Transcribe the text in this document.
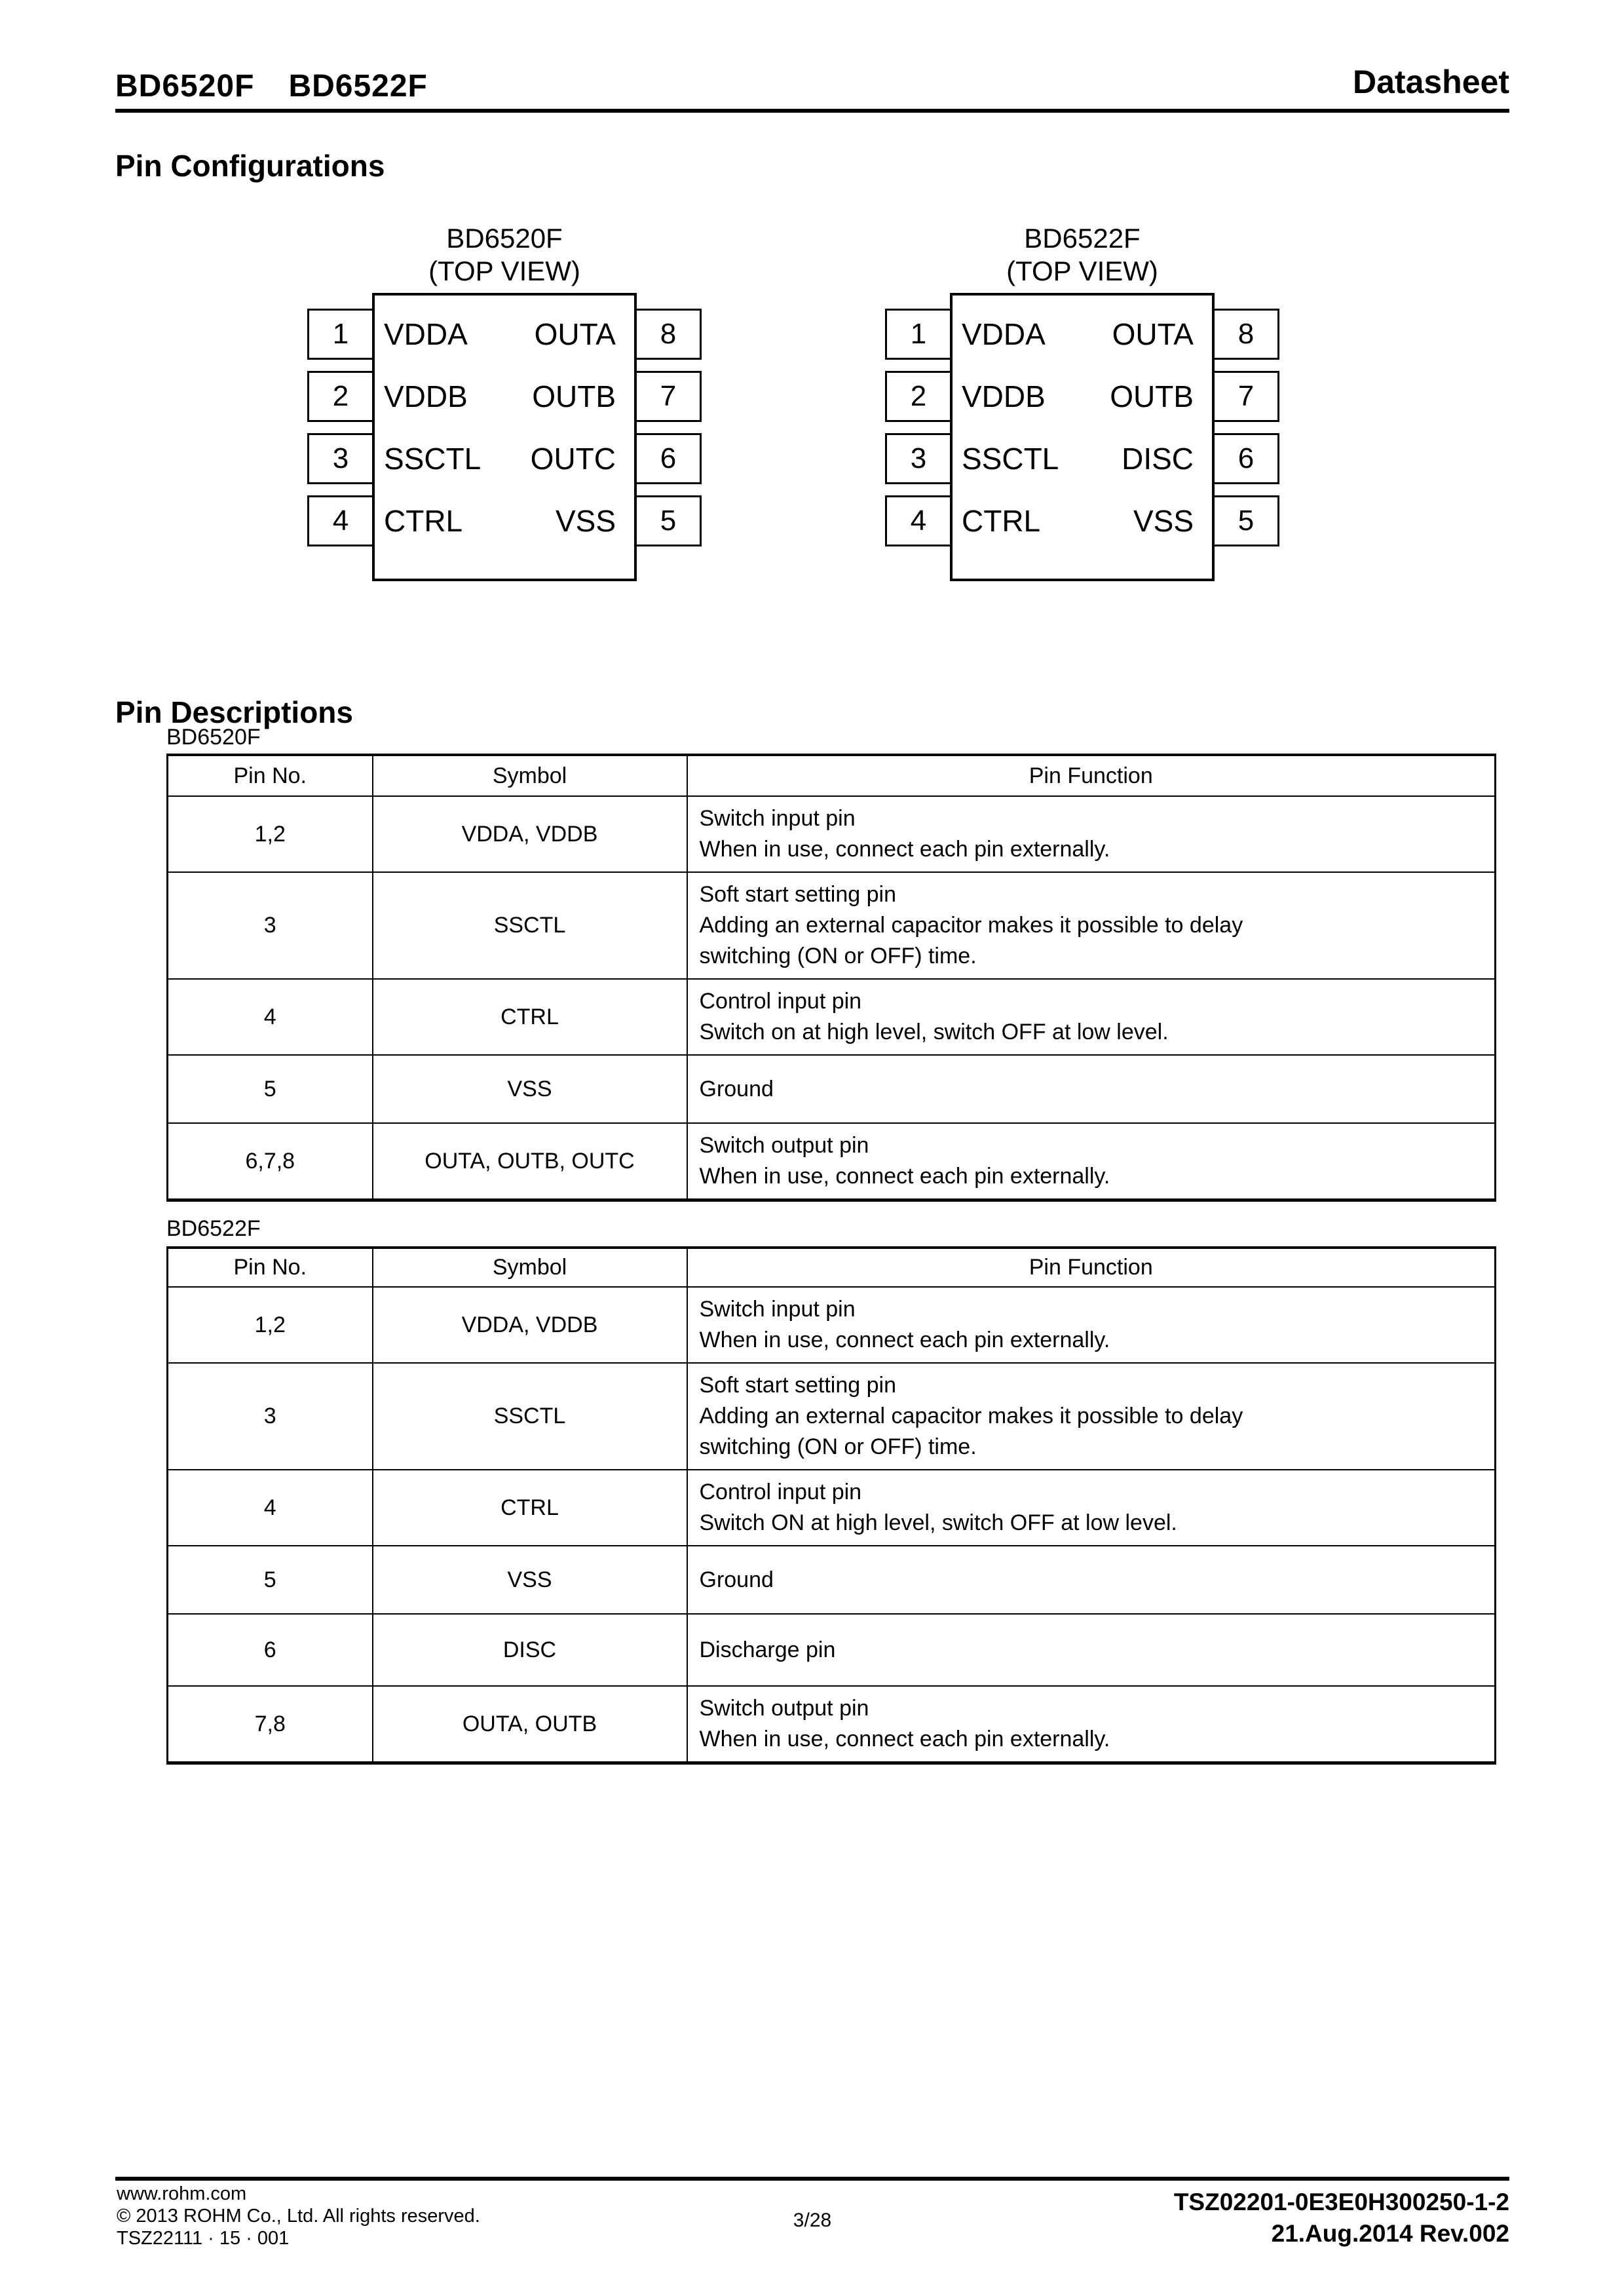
BD6520F BD6522F	Datasheet
Pin Configurations
BD6520F
(TOP VIEW)
1
2
3
4
8
7
6
5
VDDA
VDDB
SSCTL
CTRL
OUTA
OUTB
OUTC
VSS
BD6522F
(TOP VIEW)
1
2
3
4
8
7
6
5
VDDA
VDDB
SSCTL
CTRL
OUTA
OUTB
DISC
VSS
Pin Descriptions
BD6520F
Pin No.	Symbol	Pin Function
1,2	VDDA, VDDB	Switch input pin
When in use, connect each pin externally.

3	SSCTL	Soft start setting pin
Adding an external capacitor makes it possible to delay
switching (ON or OFF) time.

4	CTRL	Control input pin
Switch on at high level, switch OFF at low level.

5	VSS	Ground

6,7,8	OUTA, OUTB, OUTC	Switch output pin
When in use, connect each pin externally.
BD6522F
Pin No.	Symbol	Pin Function
1,2	VDDA, VDDB	Switch input pin
When in use, connect each pin externally.

3	SSCTL	Soft start setting pin
Adding an external capacitor makes it possible to delay
switching (ON or OFF) time.

4	CTRL	Control input pin
Switch ON at high level, switch OFF at low level.

5	VSS	Ground

6	DISC	Discharge pin

7,8	OUTA, OUTB	Switch output pin
When in use, connect each pin externally.
www.rohm.com
© 2013 ROHM Co., Ltd. All rights reserved.
TSZ22111 · 15 · 001
3/28
TSZ02201-0E3E0H300250-1-2
21.Aug.2014 Rev.002
